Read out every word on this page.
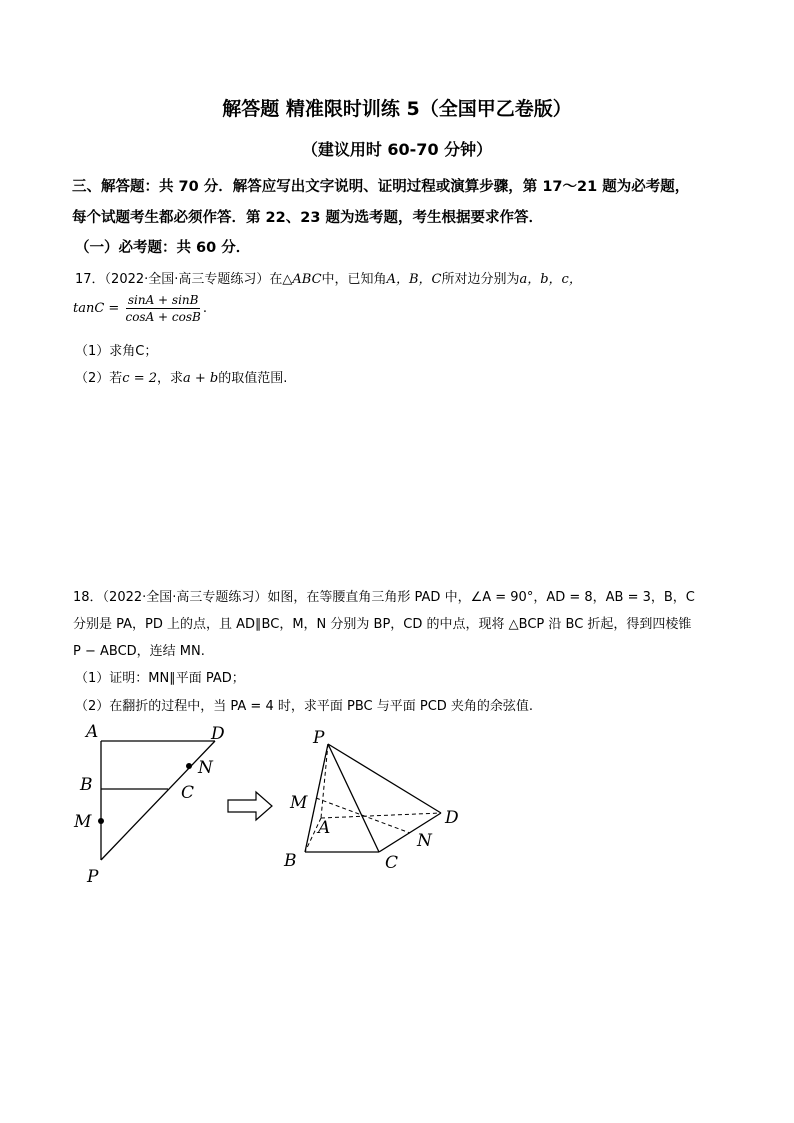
解答题 精准限时训练 5（全国甲乙卷版）
（建议用时 60-70 分钟）
三、解答题：共 70 分．解答应写出文字说明、证明过程或演算步骤，第 17～21 题为必考题，
每个试题考生都必须作答．第 22、23 题为选考题，考生根据要求作答．
（一）必考题：共 60 分．
17．（2022·全国·高三专题练习）在△ABC中，已知角A，B，C所对边分别为a，b，c，
$\tan C = \frac{\sin A + \sin B}{\cos A + \cos B}$ .
（1）求角C；
（2）若c = 2，求a + b的取值范围.
18．（2022·全国·高三专题练习）如图，在等腰直角三角形 PAD 中，∠A = 90°，AD = 8，AB = 3，B，C
分别是 PA，PD 上的点，且 AD∥BC，M，N 分别为 BP，CD 的中点，现将 △BCP 沿 BC 折起，得到四棱锥
P − ABCD，连结 MN.
（1）证明：MN∥平面 PAD；
（2）在翻折的过程中，当 PA = 4 时，求平面 PBC 与平面 PCD 夹角的余弦值.
A	D
B
N
C
M
P
P
M
A	D
N
B	C
